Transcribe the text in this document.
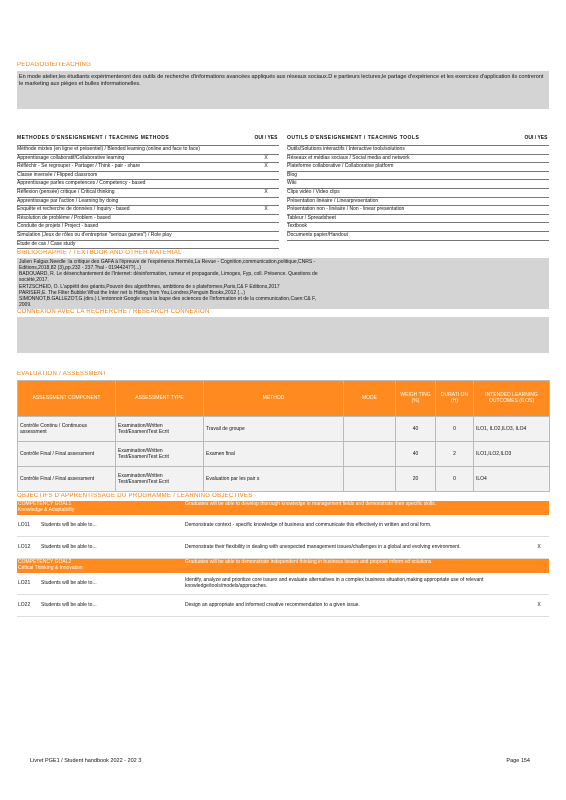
PEDAGOGIE/TEACHING
En mode atelier,les étudiants expérimenteront des outils de recherche d'informations avancées appliqués aux réseaux sociaux.D e partieurs lectures,le partage d'expérience et les exercices d'application ils contreront le marketing aux pièges et bulles informationelles.
METHODES D'ENSEIGNEMENT / TEACHING METHODS	OUI / YES
Méthode mixtes (en ligne et présentiel) / Blended learning (online and face to face)
Apprentissage collaboratif/Collaborative learning	X
Réfléchir - Se regrouper - Partager / Think - pair - share	X
Classe inversée / Flipped classroom
Apprentissage parles competences / Competency - based
Réflexion (pensée) critique / Critical thinking	X
Apprentissage par l'action / Learning by doing
Enquête et recherche de données / Inquiry - based	X
Résolution de problème / Problem - based
Conduite de projets / Project - based
Simulation (Jeux de rôles ou d'entreprise "serious games") / Role play
Etude de cas / Case study
OUTILS D'ENSEIGNEMENT / TEACHING TOOLS	OUI / YES
Outils/Solutions interactifs / Interactive tools/solutions
Réseaux et médias sociaux / Social media and network
Plateforme collaborative / Collaborative platform
Blog
Wiki
Clips vidéo / Video clips
Présentation linéaire / Linearpresentation
Présentation non - linéaire / Non - linear presentation
Tableur / Spreadsheet
Textbook
Documents papier/Handout
BIBLIOGRAPHIE / TEXTBOOK AND OTHER MATERIAL
Julien Falgas.Needle :la critique des GAFA à l'épreuve de l'expérience.Hermès,La Revue - Cognition,communication,politique,CNRS -
Editions,2018,82 (3),pp.232 - 237.?hal - 01944247?(...)
BADOUARD, R. Le désenchantement de l'Internet: désinformation, rumeur et propagande, Limoges, Fyp, coll. Présence. Questions de
société,2017.
ERTZSCHEID, O. L'appétit des géants,Pouvoir des algorithmes, ambitions de s plateformes,Paris,C& F Editions,2017
PARISER,E. The Filter Bubble:What the Inter net Is Hiding from You,Londres,Penguin Books,2012 (...)
SIMONNOT,B.GALLEZOT,G.(dirs.) L'entonnoir:Google sous la loupe des sciences de l'information et de la communication,Caen:C& F,
2009.
CONNEXION AVEC LA RECHERCHE / RESEARCH CONNEXION
EVALUATION / ASSESSMENT
ASSESSMENT COMPONENT	ASSESSMENT TYPE	METHOD	MODE	WEIGH TING (%)	DURATI ON (H)	INTENDED LEARNING OUTCOMES (ILOS)
Contrôle Continu / Continuous assessment	Examination/Written Test/Examen/Test Ecrit	Travail de groupe		40	0	ILO1, ILO2,ILO3, ILO4
Contrôle Final / Final assessment	Examination/Written Test/Examen/Test Ecrit	Examen final		40	2	ILO1,ILO2,ILO3
Contrôle Final / Final assessment	Examination/Written Test/Examen/Test Ecrit	Evaluation par les pair s		20	0	ILO4
OBJECTIFS D'APPRENTISSAGE DU PROGRAMME / LEARNING OBJECTIVES
COMPETENCY GOAL1
Knowledge & Adaptability
Graduates will be able to develop thorough knowledge in management fields and demonstrate their specific skills.
LO11	Students will be able to...	Demonstrate context - specific knowledge of business and communicate this effectively in written and oral form.
LO12	Students will be able to...	Demonstrate their flexibility in dealing with unexpected management issues/challenges in a global and evolving environment.	X
COMPETENCY GOAL2
Critical Thinking & Innovation
Graduates will be able to demonstrate independent thinking in business issues and propose inform ed solutions.
LO21	Students will be able to...	Identify, analyze and prioritize core issues and evaluate alternatives in a complex business situation,making appropriate use of relevant knowledge/tools/models/approaches.
LO22	Students will be able to...	Design an appropriate and informed creative recommendation to a given issue.	X
Livret PGE1 / Student handbook 2022 - 202 3	Page 154
